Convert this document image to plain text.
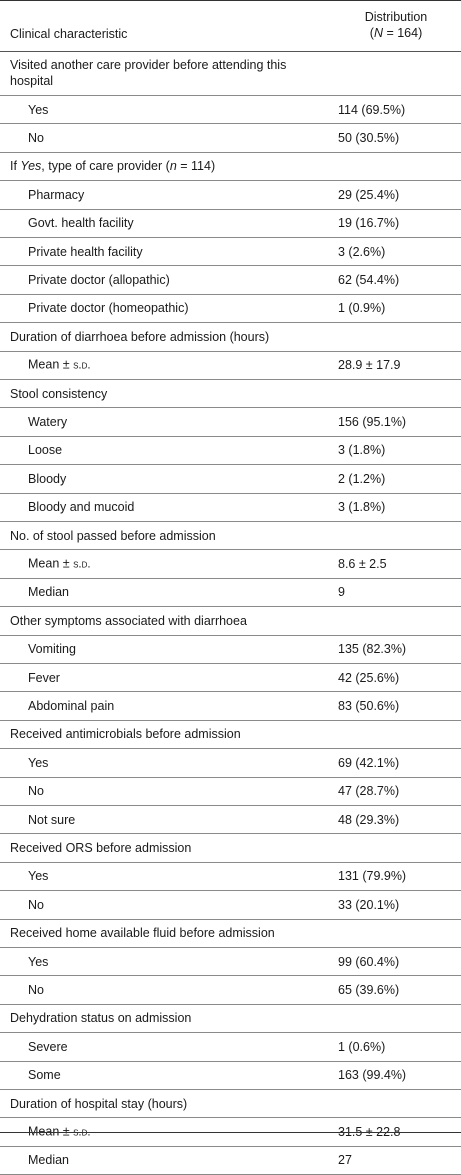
Clinical characteristic
Distribution
(N = 164)
Visited another care provider before attending this hospital
Yes	114 (69.5%)
No	50 (30.5%)
If Yes, type of care provider (n = 114)
Pharmacy	29 (25.4%)
Govt. health facility	19 (16.7%)
Private health facility	3 (2.6%)
Private doctor (allopathic)	62 (54.4%)
Private doctor (homeopathic)	1 (0.9%)
Duration of diarrhoea before admission (hours)
Mean ± s.d.	28.9 ± 17.9
Stool consistency
Watery	156 (95.1%)
Loose	3 (1.8%)
Bloody	2 (1.2%)
Bloody and mucoid	3 (1.8%)
No. of stool passed before admission
Mean ± s.d.	8.6 ± 2.5
Median	9
Other symptoms associated with diarrhoea
Vomiting	135 (82.3%)
Fever	42 (25.6%)
Abdominal pain	83 (50.6%)
Received antimicrobials before admission
Yes	69 (42.1%)
No	47 (28.7%)
Not sure	48 (29.3%)
Received ORS before admission
Yes	131 (79.9%)
No	33 (20.1%)
Received home available fluid before admission
Yes	99 (60.4%)
No	65 (39.6%)
Dehydration status on admission
Severe	1 (0.6%)
Some	163 (99.4%)
Duration of hospital stay (hours)
Mean ± s.d.	31.5 ± 22.8
Median	27
